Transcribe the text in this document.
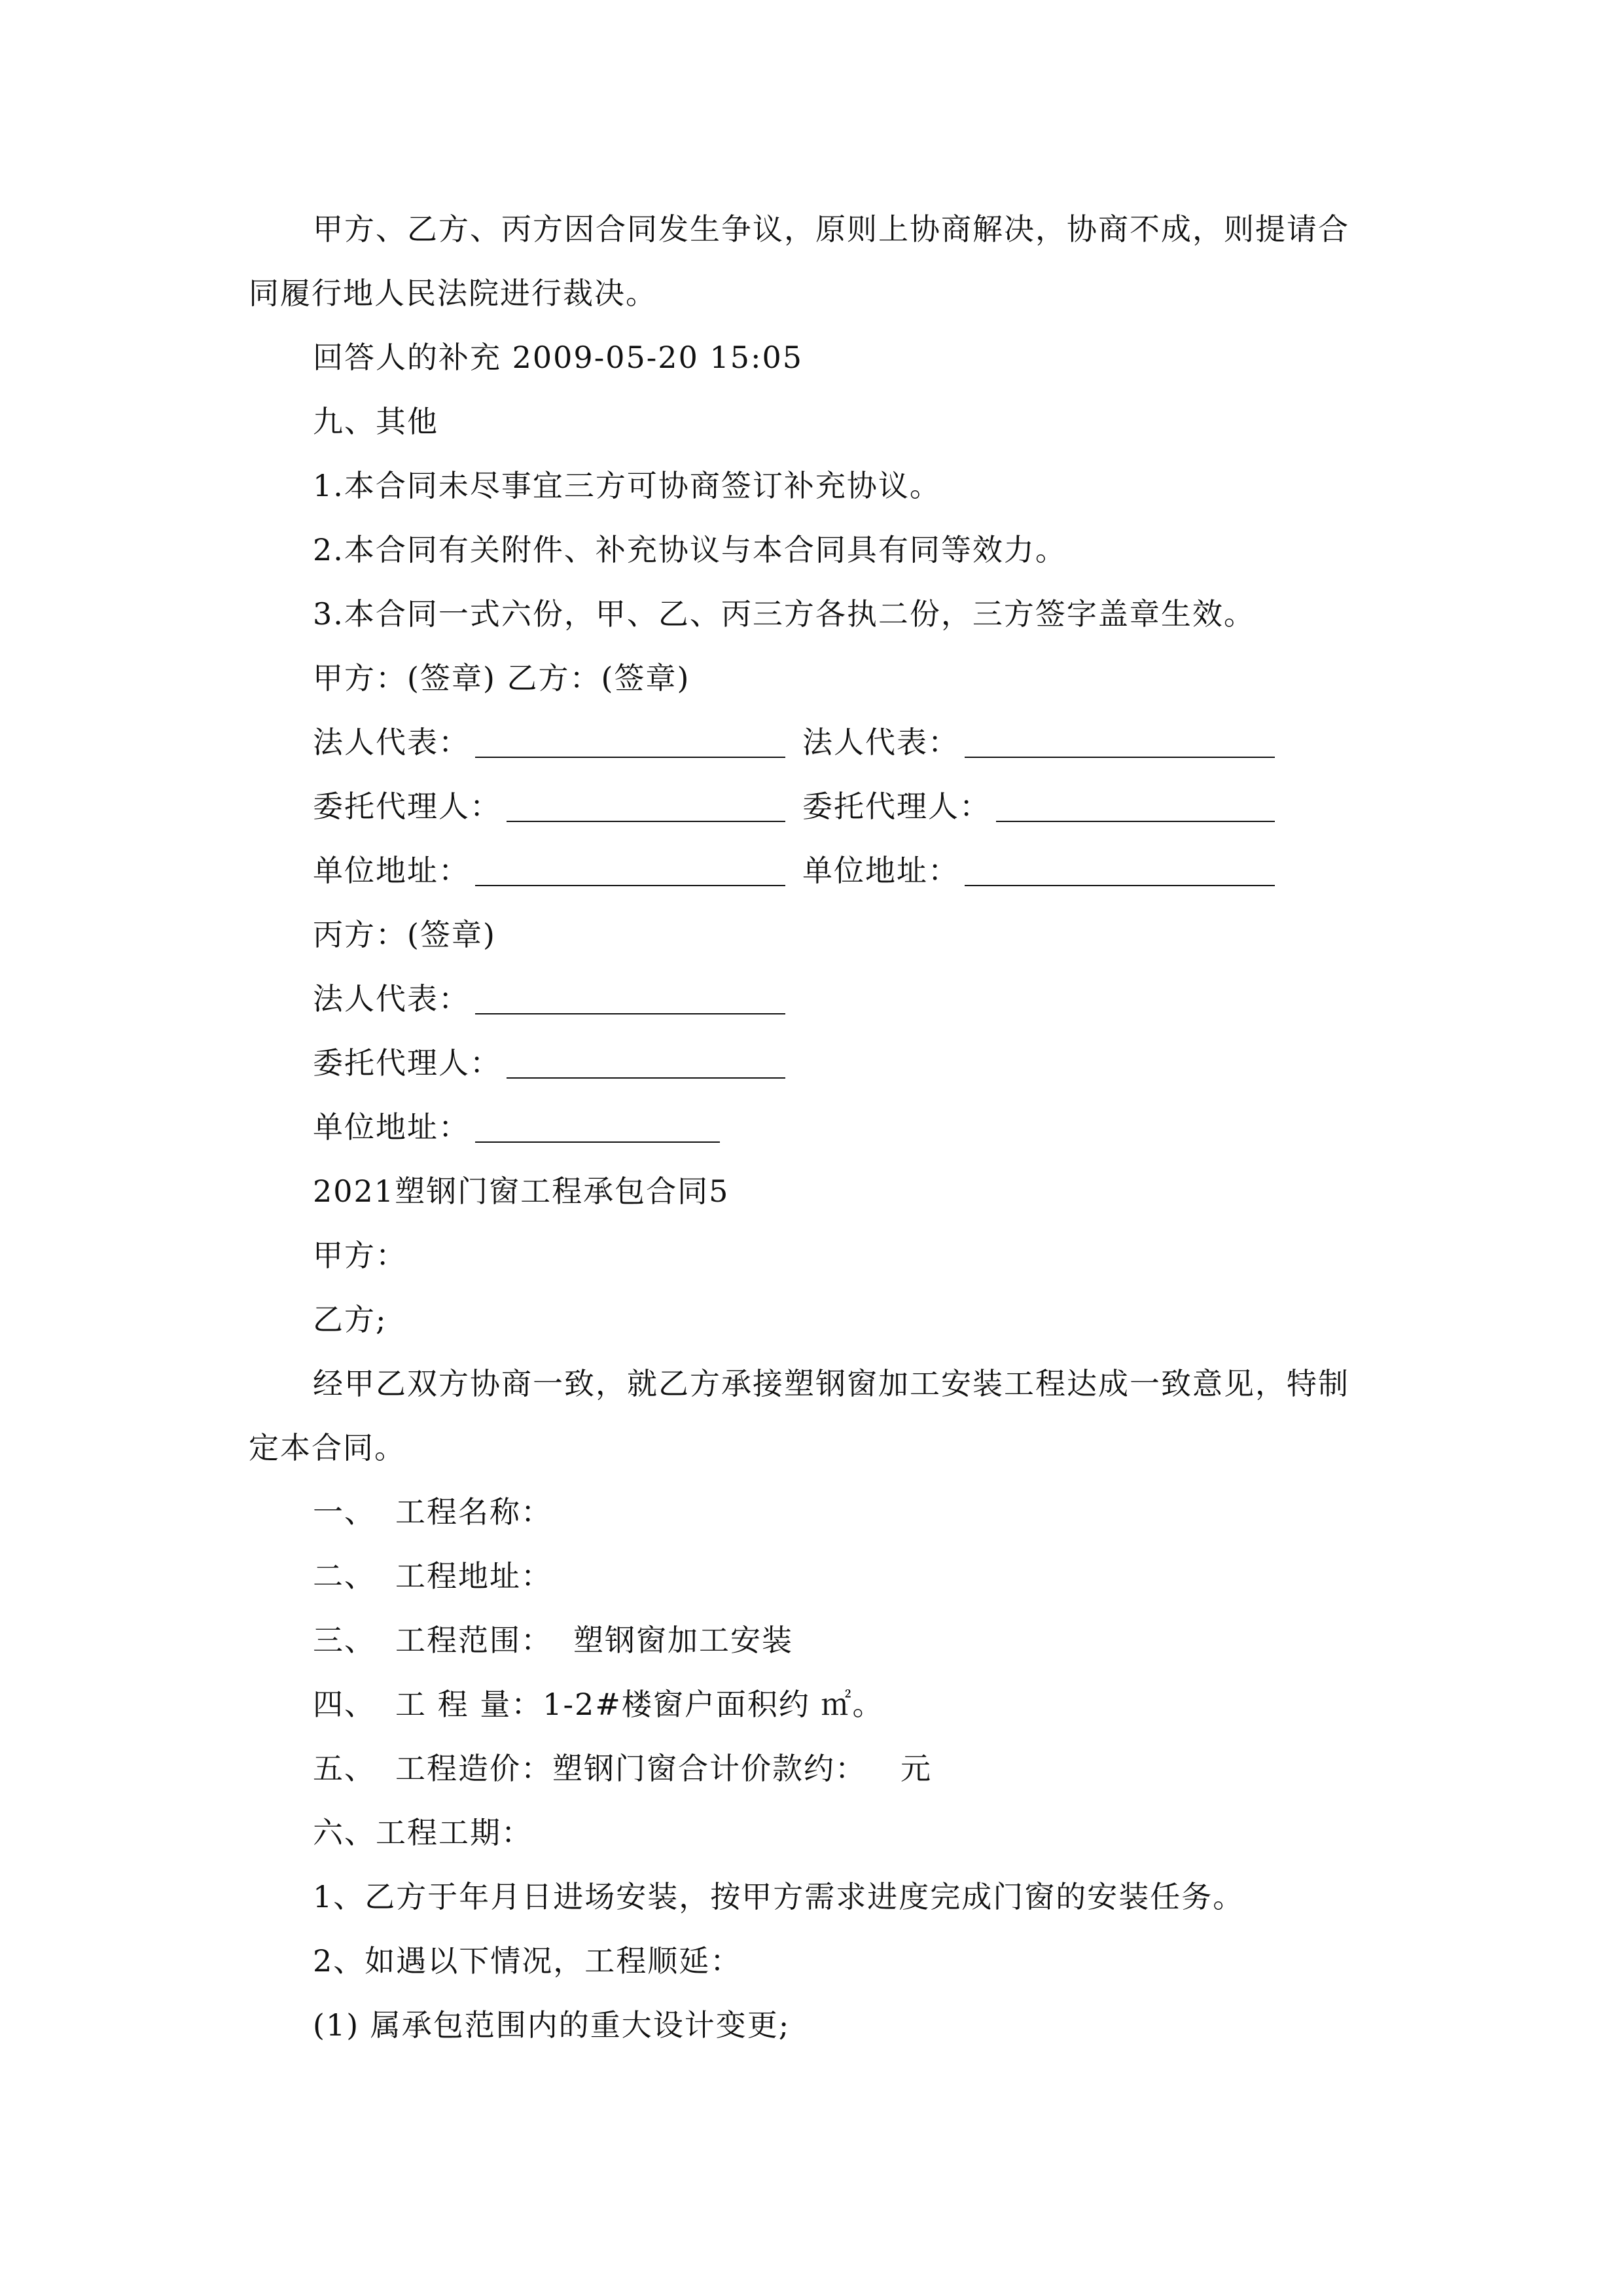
甲方、乙方、丙方因合同发生争议，原则上协商解决，协商不成，则提请合
同履行地人民法院进行裁决。
回答人的补充 2009-05-20 15:05
九、其他
1.本合同未尽事宜三方可协商签订补充协议。
2.本合同有关附件、补充协议与本合同具有同等效力。
3.本合同一式六份，甲、乙、丙三方各执二份，三方签字盖章生效。
甲方：(签章) 乙方：(签章)
法人代表：	法人代表：
委托代理人：	委托代理人：
单位地址：	单位地址：
丙方：(签章)
法人代表：
委托代理人：
单位地址：
2021塑钢门窗工程承包合同5
甲方：
乙方;
经甲乙双方协商一致，就乙方承接塑钢窗加工安装工程达成一致意见，特制
定本合同。
一、 工程名称：
二、 工程地址：
三、 工程范围： 塑钢窗加工安装
四、 工 程 量：1-2#楼窗户面积约 ㎡。
五、 工程造价：塑钢门窗合计价款约： 元
六、工程工期：
1、乙方于年月日进场安装，按甲方需求进度完成门窗的安装任务。
2、如遇以下情况，工程顺延：
(1) 属承包范围内的重大设计变更;
